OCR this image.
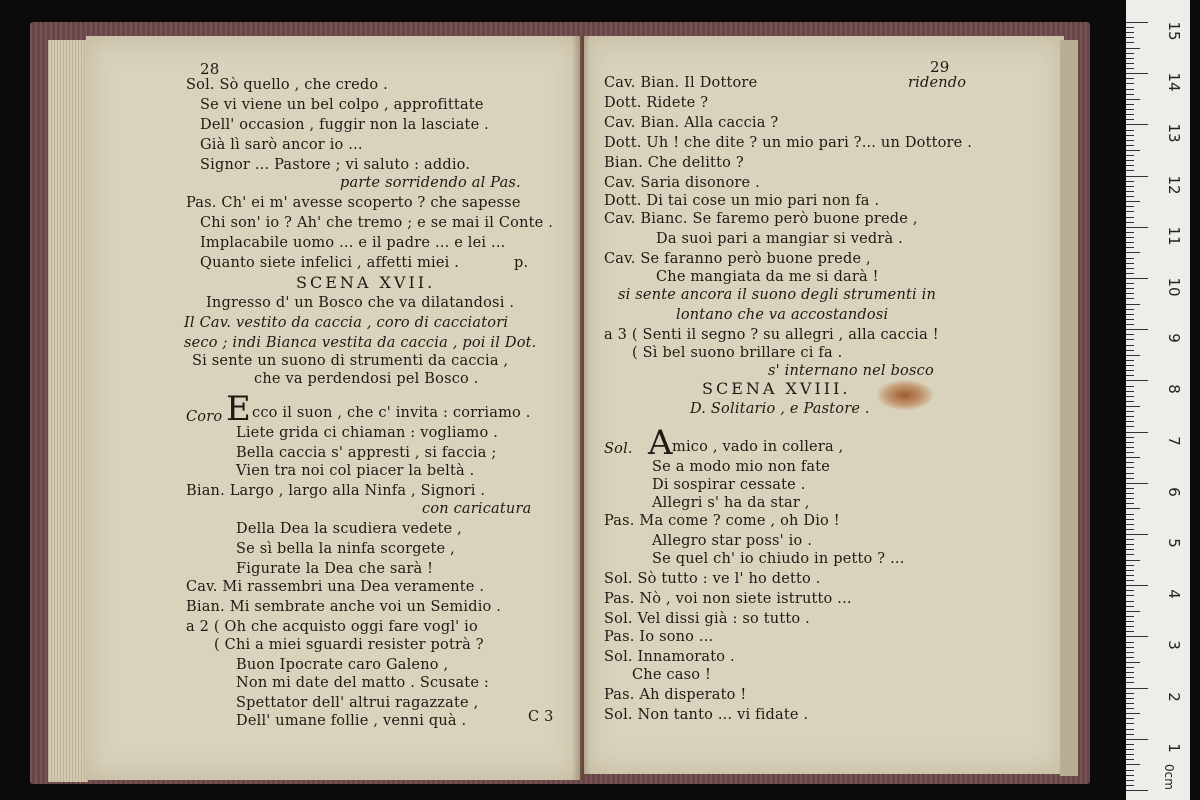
28
Sol. Sò quello , che credo .
Se vi viene un bel colpo , approfittate
Dell' occasion , fuggir non la lasciate .
Già lì sarò ancor io ...
Signor ... Pastore ; vi saluto : addio.
parte sorridendo al Pas.
Pas. Ch' ei m' avesse scoperto ? che sapesse
Chi son' io ? Ah' che tremo ; e se mai il Conte .
Implacabile uomo ... e il padre ... e lei ...
Quanto siete infelici , affetti miei .	p.
SCENA XVII.
Ingresso d' un Bosco che va dilatandosi .
Il Cav. vestito da caccia , coro di cacciatori
seco ; indi Bianca vestita da caccia , poi il Dot.
Si sente un suono di strumenti da caccia ,
che va perdendosi pel Bosco .
Coro cco il suon , che c' invita : corriamo .
Liete grida ci chiaman : vogliamo .
Bella caccia s' appresti , si faccia ;
Vien tra noi col piacer la beltà .
Bian. Largo , largo alla Ninfa , Signori .
con caricatura
Della Dea la scudiera vedete ,
Se sì bella la ninfa scorgete ,
Figurate la Dea che sarà !
Cav. Mi rassembri una Dea veramente .
Bian. Mi sembrate anche voi un Semidio .
a 2 ( Oh che acquisto oggi fare vogl' io
( Chi a miei sguardi resister potrà ?
Buon Ipocrate caro Galeno ,
Non mi date del matto . Scusate :
Spettator dell' altrui ragazzate ,
Dell' umane follie , venni quà .	C 3
E
29
Cav. Bian. Il Dottore	ridendo
Dott. Ridete ?
Cav. Bian. Alla caccia ?
Dott. Uh ! che dite ? un mio pari ?... un Dottore .
Bian. Che delitto ?
Cav. Saria disonore .
Dott. Di tai cose un mio pari non fa .
Cav. Bianc. Se faremo però buone prede ,
Da suoi pari a mangiar si vedrà .
Cav. Se faranno però buone prede ,
Che mangiata da me si darà !
si sente ancora il suono degli strumenti in
lontano che va accostandosi
a 3 ( Senti il segno ? su allegri , alla caccia !
( Sì bel suono brillare ci fa .
s' internano nel bosco
SCENA XVIII.
D. Solitario , e Pastore .
Sol.	mico , vado in collera ,
Se a modo mio non fate
Di sospirar cessate .
Allegri s' ha da star ,
Pas. Ma come ? come , oh Dio !
Allegro star poss' io .
Se quel ch' io chiudo in petto ? ...
Sol. Sò tutto : ve l' ho detto .
Pas. Nò , voi non siete istrutto ...
Sol. Vel dissi già : so tutto .
Pas. Io sono ...
Sol. Innamorato .
Che caso !
Pas. Ah disperato !
Sol. Non tanto ... vi fidate .
A
15
14
13
12
11
10
9
8
7
6
5
4
3
2
1
0cm
